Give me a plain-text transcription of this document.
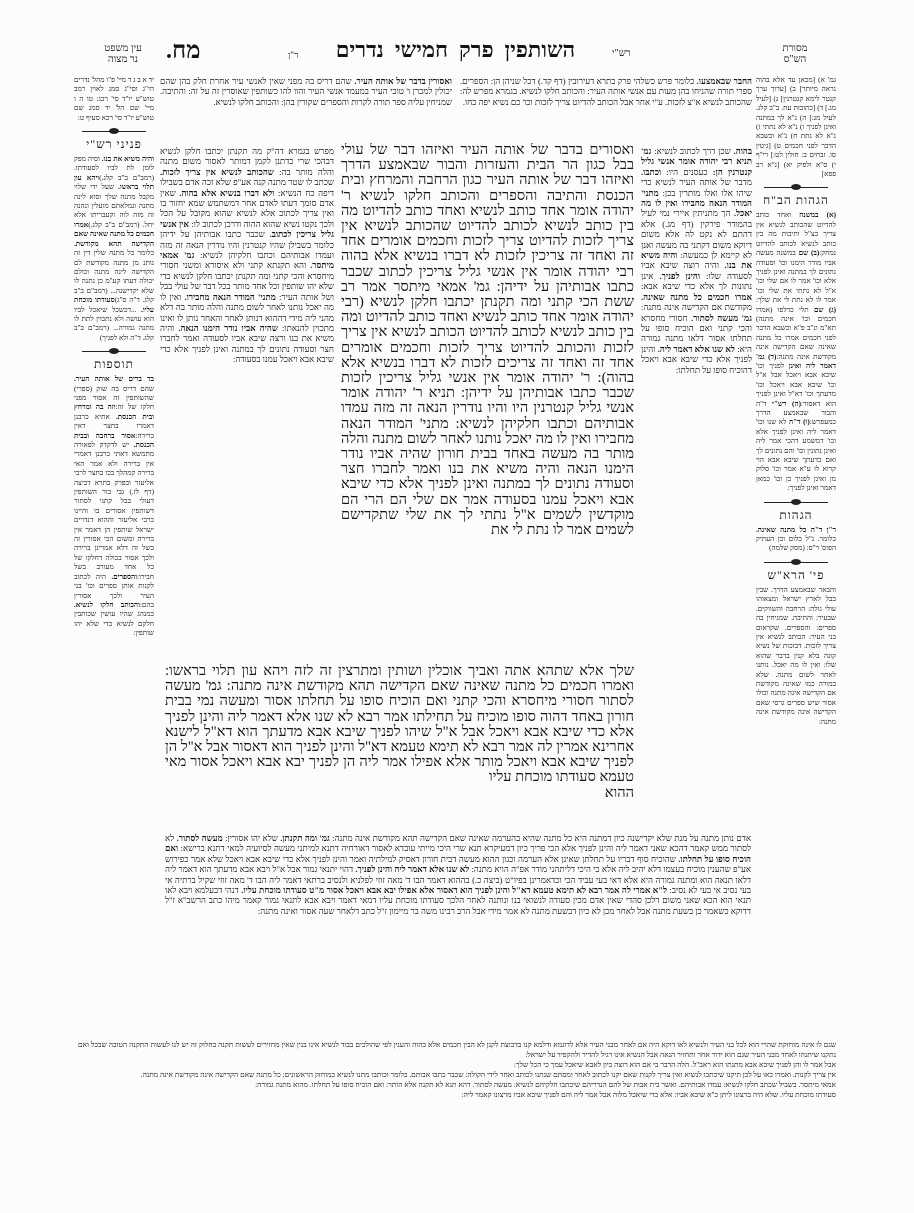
עין משפט
נר מצוה	מח.	ר"ן	השותפין  פרק  חמישי  נדרים	רש"י	מסורת
הש"ס

יד א ב ג ד מיי' פ"ו מהל' נדרים הי"ג וסי"ג סמג לאוין רמב טוש"ע יו"ד סי' רכג: טו ה ו מיי' שם הל' יד סמג שם טוש"ע יו"ד סי' רכא סעיף ט:

פניני רש"י
והיה משיא את בנו. וסיה מפק לומן לת לביו לסעודתו. (רמב"ם ב"ב קלג.)ויהא עון תלוי בראשו. שעל ידי שלוי מקבל מתנה שלך וסוא לינה מתנה ונמלאתם מועלין ונהנה זה מזה לוה וקעבריתו אלא יחל. (רמב"ם ב"ב קלג.)אמרו חכמים כל מתנה שאינה שאם הקדישה תהא מקודשת. כלומר כל מתנה שלין דין זה נותנ מן מתנה מקודשת לם הקדישה לינה מתנה וכולם יכולה דעתו קע"מ כן נתנה לו שלא יקדישנה... (רמב"ם ב"ב קלג. ד"ה ס"ג)סעודתו מוכחת עליו. ...דכשכל שיאכל לביו הוא עושה ולא נתכוין לתת לו מתנה גמורה... (רמב"ם ב"ב קלג. ד"ה ולא לפניך)
תוספות
בד ברים של אותה העיר. שהם דריס בה שוק (ספרי) שהשותפין זה אסור מפני חלקו של זה:וזה בה ומרחץ ובית הכנסת. אתיא כרבנן דאמרו בחצר דאין ברירה:אסור ברחבה ובבית הכנסת. יש לדקדק לפאורה מתמשא דאתי כרבנן דאמרי אין ברירה ולא אמר האי ברירה קמהלך בכו בחצר לרבי אליעזר ובפרק בתרא דביצה (דף לז.) גבי בור השותפין דעולי בבל קתני לסתור דשותפין אסורים בו והיינו כרבי אליעזר וההוא דנדרים ישראל שותפין הן דאמר אין ברירה ומשום הכי אסורין זה בשל זה דלא אמרינן ברירה ולכך אסור בכולה דחלקו של כל אחד מעורב בשל חבירו:והספרים. היה לכתוב לקנות אותן ספרים וכו' בני העיר ולכך אסורין בהם:והכותב חלקו לנשיא. כמנהג שהיו עושין שכותבין חלקם לנשיא כדי שלא יהו שותפין:
ואסורין בדבר של אותה העיר. שהם דריס בה מפני שאין לאנשי עיר אחרת חלק בהן שהם יכולין למכרן ו' טובי העיר במעמד אנשי העיר והוו להו כשותפין שאוסרין זה על זה: והתיבה. שמניחין עליה ספר תורה לקרות והספרים שקורין בהן: והכותב חלקו לנשיא.
מפרש בגמרא דה"ק מה תקנתן יכתבו חלקן לנשיא דבהכי שרי כדתנן לקמן דמותר לאסור משום מתנה והלה מותר בה: שהכותב לנשיא אין צריך לזכות. שכתב לו שטר מתנה קנה אע"פ שלא זכה אדם בשבילו דיפה כח הנשיא: ולא דברו בנשיא אלא בהוה. שאין אדם סומך דעתו לאדם אחר דמשתמש שמא יחזור בו ואין צריך לכתוב אלא לנשיא שהוא מקובל על הכל ולכך נקטו נשיא שהוא ההוה ודרכן לכתוב לו: אין אנשי גליל צריכין לכתוב. שכבר כתבו אבותיהן על ידיהן כלומר בשבילן שהיו קנטרנין והיו נודרין הנאה זה מזה ועמדו אבותיהם וכתבו חלקיהן לנשיא: גמ' אמאי מיתסר. והא תקנתא קתני ולא איסורא ומשני חסורי מיחסרא והכי קתני ומה תקנתן יכתבו חלקן לנשיא כדי שלא יהו שותפין וכל אחד מותר בכל דבר של עולי בבל ושל אותה העיר: מתני' המודר הנאה מחבירו. ואין לו מה יאכל נותנו לאחר לשום מתנה והלה מותר בה דלא מהני ליה מידי דההוא דנותן לאחר והאחר נותן לו ואינו מתכוין להנאתו: שהיה אביו נודר הימנו הנאה. והיה משיא את בנו ורצה שיבא אביו לסעודה ואמר לחברו חצר וסעודה נתונים לך במתנה ואינן לפניך אלא כדי שיבא אבא ויאכל עמנו בסעודה:
החבר שבאמצעו. כלומר פרש כשלהי פרק בתרא דעירובין (דף קד.) דכל שניהן הן: הספרים. ספרי תורה שהניחו בהן מעות עם אנשי אותה העיר: והכותב חלקו לנשיא. בגמרא מפרש לה: שהכותב לנשיא א"צ לזכות. ע"י אחר אבל הכותב להדיוט צריך לזכות וכו' כם נשיא יפה כחו.
בהוה. שכן דרך לכתוב לנשיא: גמ' תניא רבי יהודה אומר אנשי גליל קנטרנין הן: כעסנים היו: וכתבו. מדבר של אותה העיר לנשיא כדי שיהו אלו ואלו מותרין בכן: מתני' המודר הנאה מחבירו ואין לו מה יאכל. הך מתניתין איירי נמי לעיל בהמודר פירקין (דף מג.) אלא דהתם לא נקט לה אלא משום דיוקא משום דקתני בה מעשה ואנן לא קיימא לן כמעשה: והיה משיא את בנו. והיה רוצה שיבא אביו לסעודה שלו: והינן לפניך. אינן נתונות לך אלא כדי שיבא אבא: אמרו חכמים כל מתנה שאינה. מקודשת אם הקדישה אינה מתנה: גמ' מעשה לסתור. חסורי מחסרא והכי קתני ואם הוכיח סופו על תחלתו אסור דלאו מתנה גמורה היא: לא שנו אלא דאמר ליה. והינן לפניך אלא כדי שיבא אבא ויאכל דהוכיח סופו על תחלתו:
ואסורים בדבר של אותה העיר ואיזהו דבר של עולי בבל כגון הר הבית והעזרות והבור שבאמצע הדרך ואיזהו דבר של אותה העיר כגון הרחבה והמרחץ ובית הכנסת והתיבה והספרים והכותב חלקו לנשיא ר' יהודה אומר אחד כותב לנשיא ואחד כותב להדיוט מה בין כותב לנשיא לכותב להדיוט שהכותב לנשיא אין צריך לזכות להדיוט צריך לזכות וחכמים אומרים אחד זה ואחד זה צריכין לזכות לא דברו בנשיא אלא בהוה רבי יהודה אומר אין אנשי גליל צריכין לכתוב שכבר כתבו אבותיהן על ידיהן: גמ' אמאי מיתסר אמר רב ששת הכי קתני ומה תקנתן יכתבו חלקן לנשיא (רבי יהודה אומר אחד כותב לנשיא ואחד כותב להדיוט ומה בין כותב לנשיא לכותב להדיוט הכותב לנשיא אין צריך לזכות והכותב להדיוט צריך לזכות וחכמים אומרים אחד זה ואחד זה צריכים לזכות לא דברו בנשיא אלא בהוה): ר' יהודה אומר אין אנשי גליל צריכין לזכות שכבר כתבו אבותיהן על ידיהן: תניא ר' יהודה אומר אנשי גליל קנטרנין היו והיו נודרין הנאה זה מזה עמדו אבותיהם וכתבו חלקיהן לנשיא: מתני' המודר הנאה מחבירו ואין לו מה יאכל נותנו לאחר לשום מתנה והלה מותר בה מעשה באחד בבית חורון שהיה אביו נודר הימנו הנאה והיה משיא את בנו ואמר לחברו חצר וסעודה נתונים לך במתנה ואינן לפניך אלא כדי שיבא אבא ויאכל עמנו בסעודה אמר אם שלי הם הרי הם מוקדשין לשמים א"ל נתתי לך את שלי שתקדישם לשמים אמר לו נתת לי את
שלך אלא שתהא אתה ואביך אוכלין ושותין ומתרצין זה לזה ויהא עון תלוי בראשו: ואמרו חכמים כל מתנה שאינה שאם הקדישה תהא מקודשת אינה מתנה: גמ' מעשה לסתור חסורי מיחסרא והכי קתני ואם הוכיח סופו על תחלתו אסור ומעשה נמי בבית חורון באחד דהוה סופו מוכיח על תחילתו אמר רבא לא שנו אלא דאמר ליה והינן לפניך אלא כדי שיבא אבא ויאכל אבל א"ל שיהו לפניך שיבא אבא מדעתך הוא דא"ל לישנא אחרינא אמרין לה אמר רבא לא תימא טעמא דא"ל והינן לפניך הוא דאסור אבל א"ל הן לפניך שיבא אבא ויאכל מותר אלא אפילו אמר ליה הן לפניך יבא אבא ויאכל אסור מאי טעמא סעודתו מוכחת עליו
ההוא
אדם נותן מתנה על מנת שלא יקדישנה כיון דמתנה היא כל מתנה שהיא בהערמה שאינה שאם הקדישה תהא מקודשת אינה מתנה: גמ' ומה תקנתן. שלא יהו אסורין: מעשה לסתור. לא לסתור ממש קאמר דהכא שאני דאמר ליה והינן לפניך אלא הכי פריך כיון דמעיקרא תנא שרי היכי מייתי עובדא לאסור דאורחיה דתנא למיתני מעשה לסיועיה למאי דתנא ברישא: ואם הוכיח סופו על תחלתו. שהוכיח סוף דבריו על תחלתן שאינן אלא הערמה וכגון ההוא מעשה דבית חורון דאסיק למילתיה ואמר והינן לפניך אלא כדי שיבא אבא ויאכל שלא אמר כפירוש אע"פ שהענין מוכיח בעצמו דלא יהיב ליה אלא כי היכי דליתהני מודר אפ"ה הויא מתנה: לא שנו אלא דאמר ליה והינן לפניך. דהוי יתנאי גמור אבל א"ל ויבא אבא מדעתך הוא דאמר ליה דלאו תנאה הוא ומתנה גמורה היא אלא דאי בעי עביד הכי וכדאמרינן בפיו"ט (ביצה כ.) בההוא דאמר הבו ד' מאה זוזי לפלניא ולנסיב ברתאי דאמר ליה הבו ד' מאה זוזי שקיל ברתיה אי בעי נסיב אי בעי לא נסיב: ל"א אמרי לה אמר רבא לא תימא טעמא דא"ל והינן לפניך הוא דאסור אלא אפילו יבא אבא ויאכל אסור מ"ט סעודתו מוכחת עליו. דנהי דבעלמא ויבא לאו תנאי הוא הכא שאני משום דלכן סהדי שאין אדם מכין סעודה לנשואי בנו ונותנה לאחר הלכך סעודתו מוכחת עליו דמאי דאמר ויבא אבא לתנאי גמור קאמר מיהו כתב הרשב"א ז"ל דדוקא כשאמר כן בשעת מתנה אבל לאחר מכן לא כיון דבשעת מתנה לא אמר מידי אבל הרב רבינו משה בר מיימון ז"ל כתב דלאחר שעה אסור ואינה מתנה:

גמ' א) [מכאן עד אלא בהוה נראה מיותר] ב) [ערוך ערך קנטר לימא קנטרנין] ג) [לעיל מג.] ד) [כתובות עח. ב"ב קלג. לעיל מג:] ה) נ"א לך במתנה ואינן לפניך ו) נ"א לא נתתי ז) נ"א לא נתת ח) נ"א וכשבא הדבר לפני חכמים ט) [גיטין סו. זבחים ב: חולין לט:] רי"ף י) ס"א ולפיק יא) [נ"א רב פפא]

הגהות הב"ח
(א) במשנה ואחד כותב להדיוט שהכותב לנשיא אין צריך כצ"ל ותיבות מה בין כותב לנשיא לכותב להדיוט נמחק:(ב) שם במשנה מעשה אביו מודר הימנו וכו' וסעודה נתונים לך במתנה ואינן לפניך אלא וכו' אמר לו אם שלי וכו' א"ל לא נתתי את שלי וכו' אמר לו לא נתת לי את שלך:(ג) שם תלי כדלפו (אמרו חכמים וכו' אינה מתנה) תא"מ ונ"ב פ"א וכשבא הדבר לפני חכמים אמרו כל מתנה שאינה שאם הקדישה אינה מקודשת אינה מתנה:(ד) גמ' דאמר ליה ואינן לפניך וכו' שיבא אבא ויאכל אבל א"ל וכו' שיבא אבא ויאכל וכו' מדעתך וכו' דא"ל ואינן לפניך הוא דאסור:(ה) רש"י ד"ה והבור שבאמצע הדרך כמעפרש:(ו) ד"ה לא שנו וכו' דאמר ליה ואינן לפניך אלא וכו' דמשמע דהכי אמר ליה ואינן נתונין וכו' והם נתונים לך ואם כדעתך שיבא אבא הוי קרוא לו ע"א אמר וכו' סלוק מן ואינן לפניך כן וכו' כמאן דאמר ואינן לפניך:
הגהות
ר"ן ד"ה כל מתנה שאינה. כלומר. נ"ל כלום וכן העתיק הפוס' ר"ס: (מסק שלמה)
פי' הרא"ש
והבאר שבאמצע הדרך. שבין בבל לארץ ישראל ומצאוהו עולי גולה: הרחבה והשווקים. שבעיר: והתיבה. שמניחין בה ספרים: והספרים. שקראום בני העיר: הכותב לנשיא אין צריך לזכות. דבזכות של נשיא קונה בלא קנין בדבר שהוא שלו: ואין לו מה יאכל. נותנו לאחר לשום מתנה. שלא במורה כמו שאינה מקודשת אם הקדישה אינה מתנה וכולו אסור שיש ספרים גרסי שאם הקדישה אינה מקודשת אינה מתנה:

שגם לו אינה מוחזקת שהרי הוא לכל בני העיר ולנשיא לאו דוקא היה אם לאחר מבני העיר אלא לדוגמא ודלמא קנו בדבוצת לקנן לא הבין חכמים אלא בהוה והענין לפי שהולכים בבוד לנשיא אינו בנין שאין מחזירים לעשות תקנה בחלוק זה יש לנו לעשות התקנה הטובה שבכל ואם נתקנו שיתנהו לאחד מבני העיר שגם הוא ידור אחר ותחזיר הנאה אבל הנשיא אינו רגיל להדיר ולהקפיד על ישראל:

אבל אמר לו והן לפניך שיבא אבא מתנתו הוא ראב"ל. הלה הדבר בי אם הוא רוצה כיון לאבא שיאכל עמך כי הכל שלך:

אין צריך לקנות. ואמרו כאו על לכן תיקנו שיכתבו לנשיא ואין צריך לקנות שאם יקנו לכתוב לאחר ומסתם שנתנו לכותב ואחר לידי הקולה: שכבר כתבו אבותם. כלומר וכותבו מתנו לנשיא כמוחזק הראשונים: כל מתנה שאם הקדישה אינה מקודשת אינה מתנה.

אמאי מיתסר. בשביל שכתב חלקו לנשיא: עמדו אבותיהם. ואשר בית אבות של להם הנדריהם שיכתבו חלקיהם לנשיא: מעשה לסתור. דהא תנא לא תקנה אלא הותר: ואם הוכיח סופו על תחלתו. מהוא מתנה גמורה:

סעודתו מוכחת עליו. שלא היה ברצונו ליתן כ"א שיבא אביו: אלא כדי שיאכל מלוה אבל אמר ליה והם לפניך שיבא אביו מרצונו קאמר ליה:
